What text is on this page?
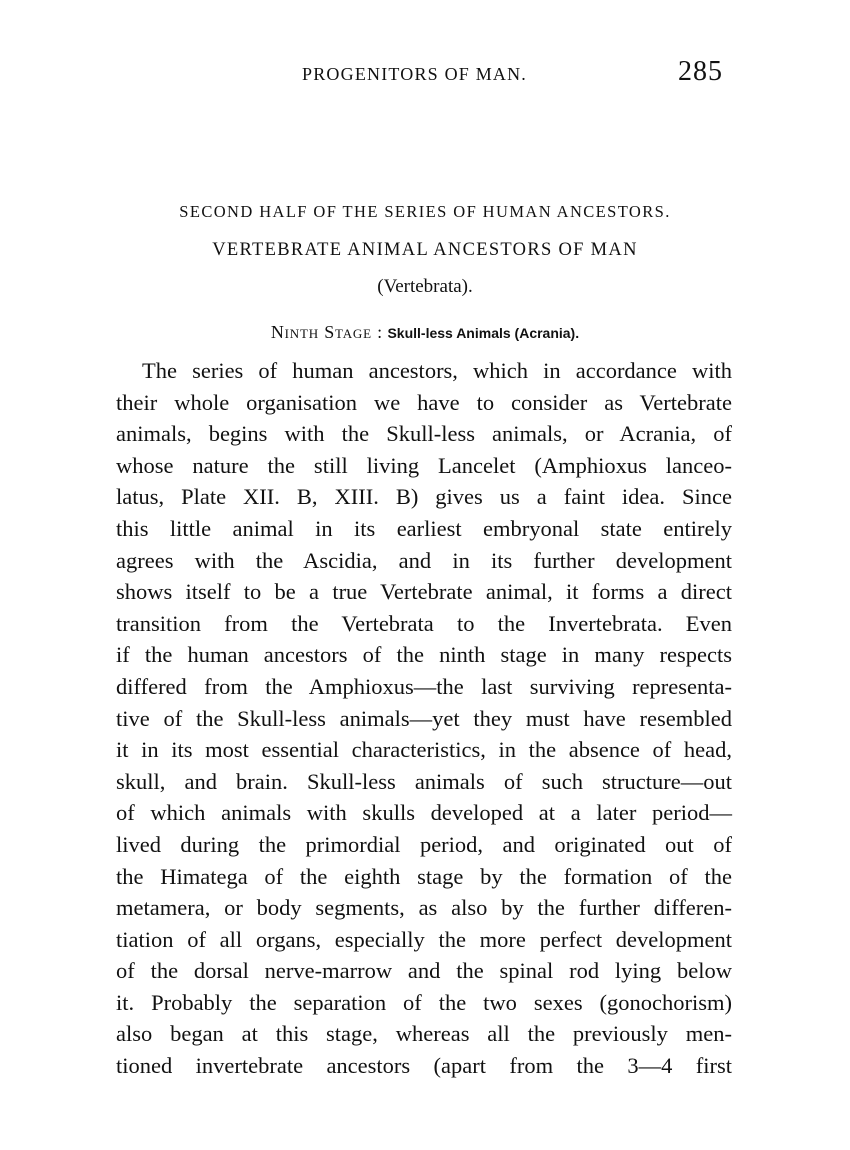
PROGENITORS OF MAN.	285
SECOND HALF OF THE SERIES OF HUMAN ANCESTORS.
VERTEBRATE ANIMAL ANCESTORS OF MAN
(Vertebrata).
Ninth Stage : Skull-less Animals (Acrania).
The series of human ancestors, which in accordance with
their whole organisation we have to consider as Vertebrate
animals, begins with the Skull-less animals, or Acrania, of
whose nature the still living Lancelet (Amphioxus lanceo-
latus, Plate XII. B, XIII. B) gives us a faint idea. Since
this little animal in its earliest embryonal state entirely
agrees with the Ascidia, and in its further development
shows itself to be a true Vertebrate animal, it forms a direct
transition from the Vertebrata to the Invertebrata. Even
if the human ancestors of the ninth stage in many respects
differed from the Amphioxus—the last surviving representa-
tive of the Skull-less animals—yet they must have resembled
it in its most essential characteristics, in the absence of head,
skull, and brain. Skull-less animals of such structure—out
of which animals with skulls developed at a later period—
lived during the primordial period, and originated out of
the Himatega of the eighth stage by the formation of the
metamera, or body segments, as also by the further differen-
tiation of all organs, especially the more perfect development
of the dorsal nerve-marrow and the spinal rod lying below
it. Probably the separation of the two sexes (gonochorism)
also began at this stage, whereas all the previously men-
tioned invertebrate ancestors (apart from the 3—4 first
